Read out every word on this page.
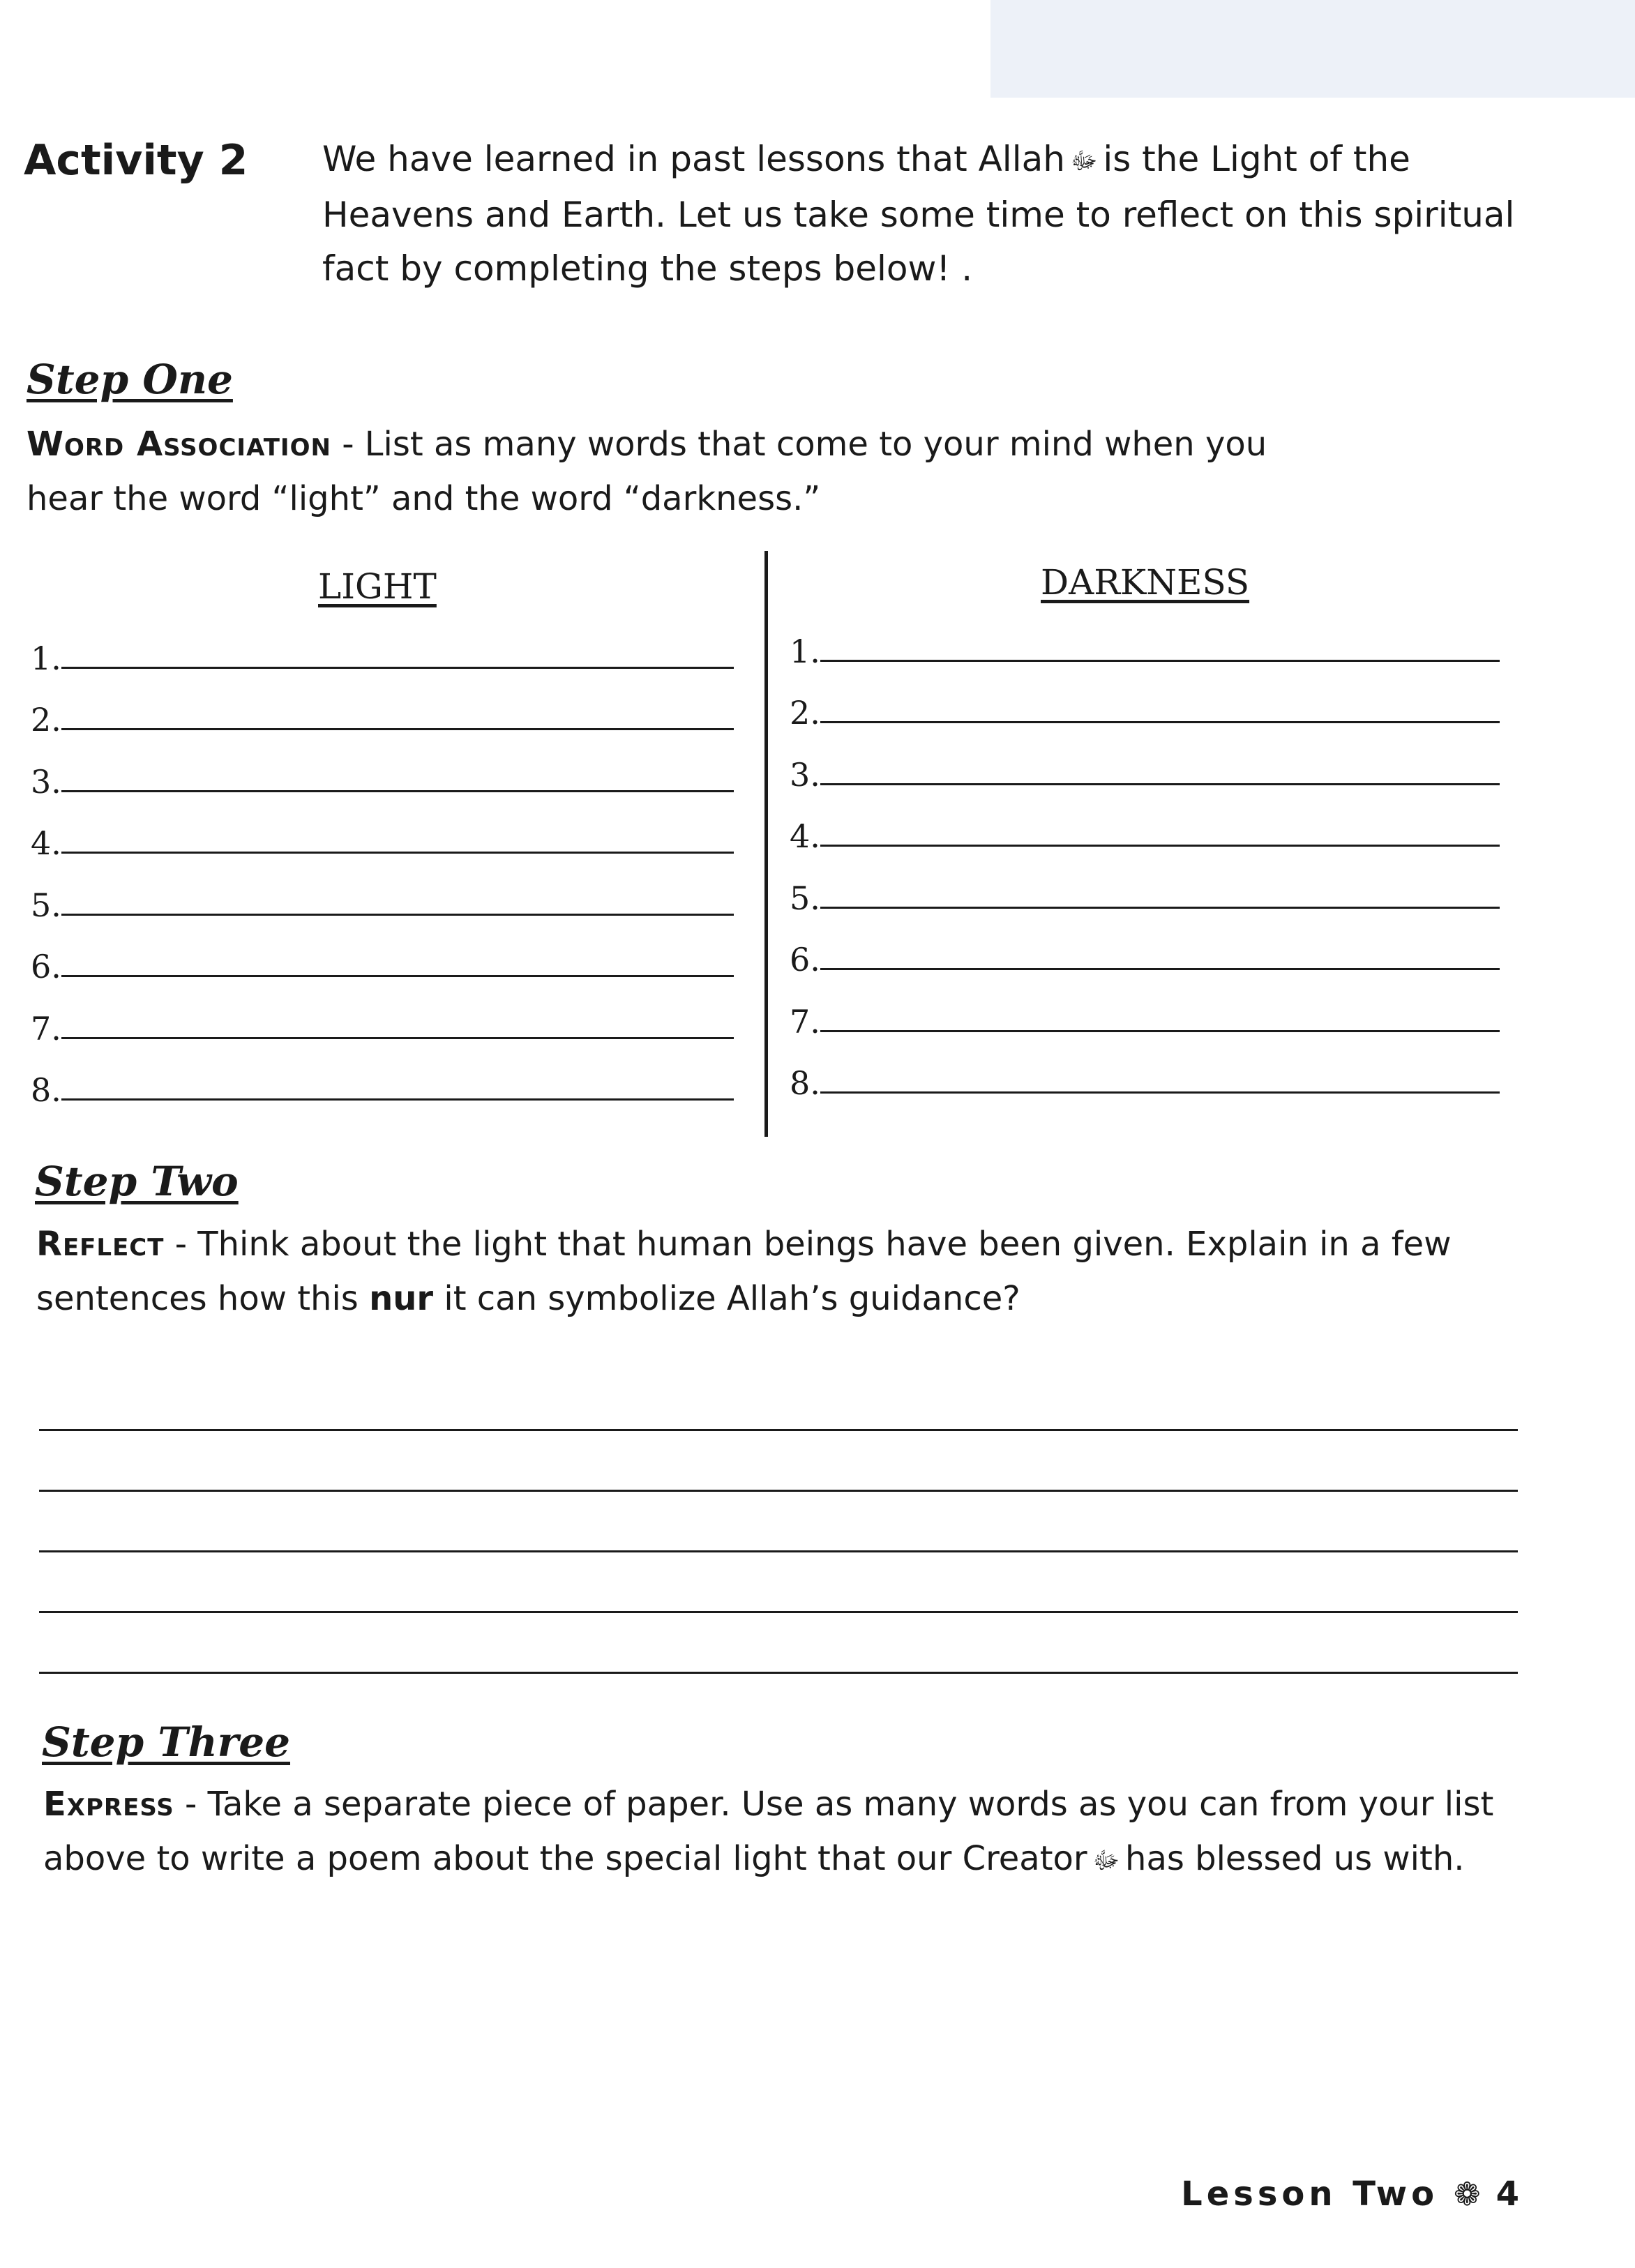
Activity 2 We have learned in past lessons that Allah ﷻ is the Light of the Heavens and Earth. Let us take some time to reflect on this spiritual fact by completing the steps below! .
Step One
Word Association - List as many words that come to your mind when you hear the word “light” and the word “darkness.”
LIGHT	DARKNESS
1.
2.
3.
4.
5.
6.
7.
8.
1.
2.
3.
4.
5.
6.
7.
8.
Step Two
Reflect - Think about the light that human beings have been given. Explain in a few sentences how this nur it can symbolize Allah’s guidance?
Step Three
Express - Take a separate piece of paper. Use as many words as you can from your list above to write a poem about the special light that our Creator ﷻ has blessed us with.
Lesson Two ❁ 4
